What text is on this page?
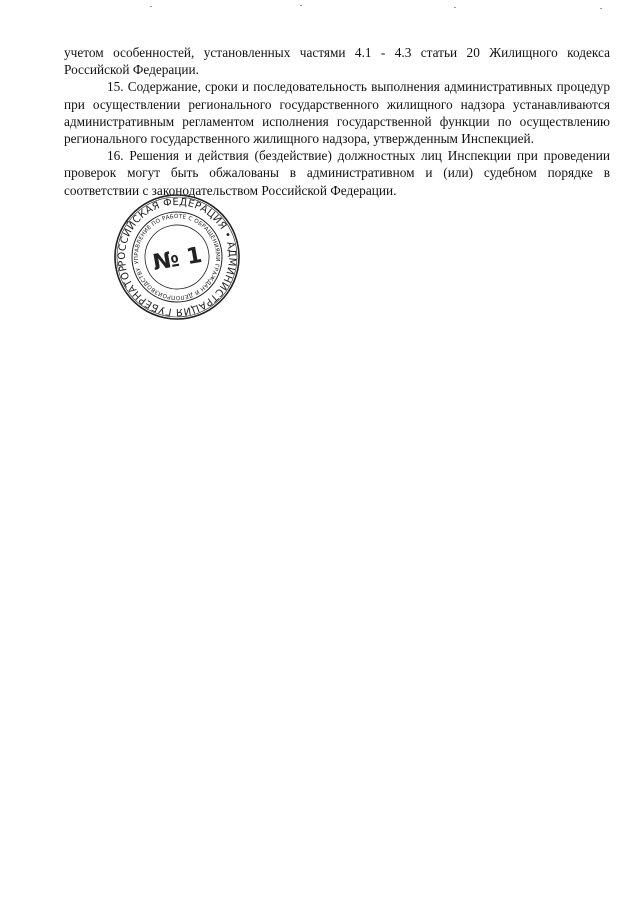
учетом особенностей, установленных частями 4.1 - 4.3 статьи 20 Жилищного кодекса Российской Федерации.

15. Содержание, сроки и последовательность выполнения административных процедур при осуществлении регионального государственного жилищного надзора устанавливаются административным регламентом исполнения государственной функции по осуществлению регионального государственного жилищного надзора, утвержденным Инспекцией.

16. Решения и действия (бездействие) должностных лиц Инспекции при проведении проверок могут быть обжалованы в административном и (или) судебном порядке в соответствии с законодательством Российской Федерации.

РОССИЙСКАЯ ФЕДЕРАЦИЯ • АДМИНИСТРАЦИЯ ГУБЕРНАТОРА
УПРАВЛЕНИЕ ПО РАБОТЕ С ОБРАЩЕНИЯМИ ГРАЖДАН И ДЕЛОПРОИЗВОДСТВУ № 1
